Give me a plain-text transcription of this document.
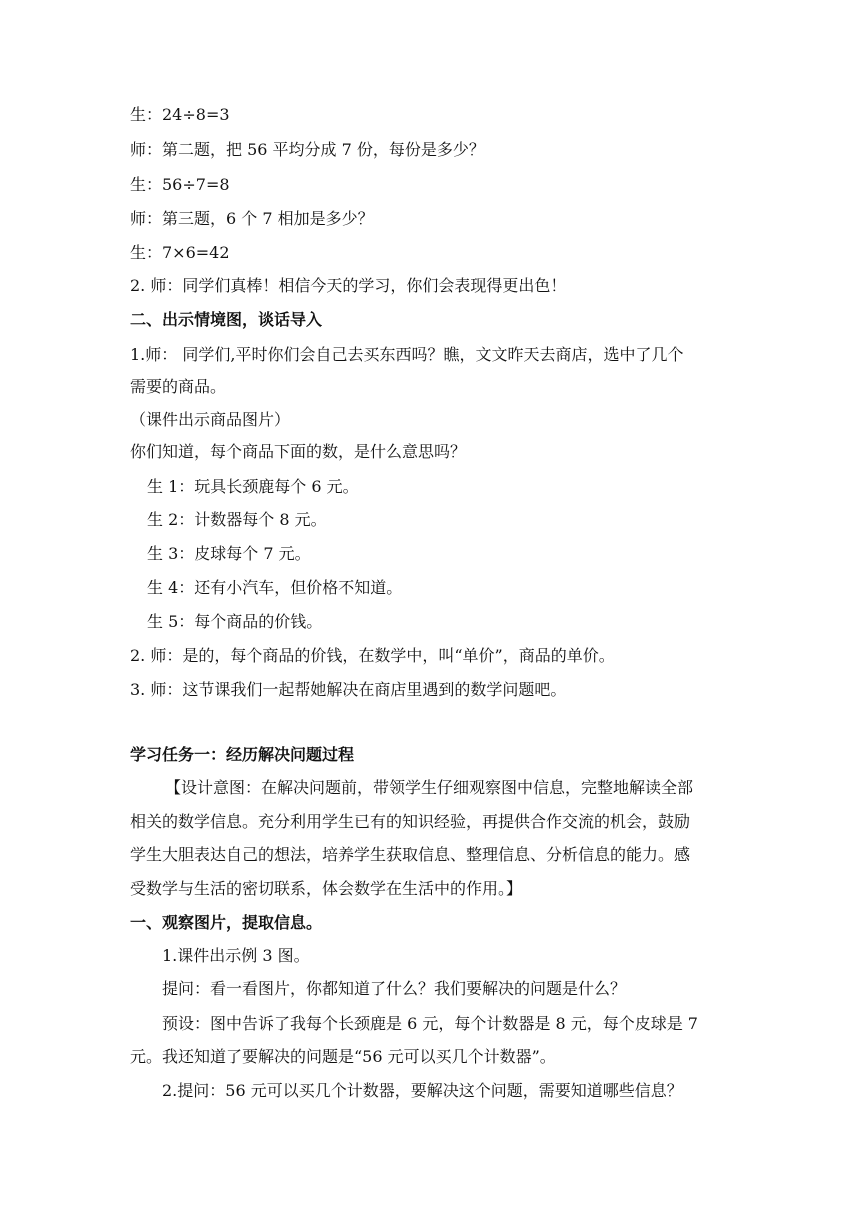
生：24÷8=3
师：第二题，把 56 平均分成 7 份，每份是多少？
生：56÷7=8
师：第三题，6 个 7 相加是多少？
生：7×6=42
2. 师：同学们真棒！相信今天的学习，你们会表现得更出色！
二、出示情境图，谈话导入
1.师： 同学们,平时你们会自己去买东西吗？瞧，文文昨天去商店，选中了几个
需要的商品。
（课件出示商品图片）
你们知道，每个商品下面的数，是什么意思吗？
生 1：玩具长颈鹿每个 6 元。
生 2：计数器每个 8 元。
生 3：皮球每个 7 元。
生 4：还有小汽车，但价格不知道。
生 5：每个商品的价钱。
2. 师：是的，每个商品的价钱，在数学中，叫“单价”，商品的单价。
3. 师：这节课我们一起帮她解决在商店里遇到的数学问题吧。
学习任务一：经历解决问题过程
【设计意图：在解决问题前，带领学生仔细观察图中信息，完整地解读全部
相关的数学信息。充分利用学生已有的知识经验，再提供合作交流的机会，鼓励
学生大胆表达自己的想法，培养学生获取信息、整理信息、分析信息的能力。感
受数学与生活的密切联系，体会数学在生活中的作用。】
一、观察图片，提取信息。
1.课件出示例 3 图。
提问：看一看图片，你都知道了什么？我们要解决的问题是什么？
预设：图中告诉了我每个长颈鹿是 6 元，每个计数器是 8 元，每个皮球是 7
元。我还知道了要解决的问题是“56 元可以买几个计数器”。
2.提问：56 元可以买几个计数器，要解决这个问题，需要知道哪些信息？
